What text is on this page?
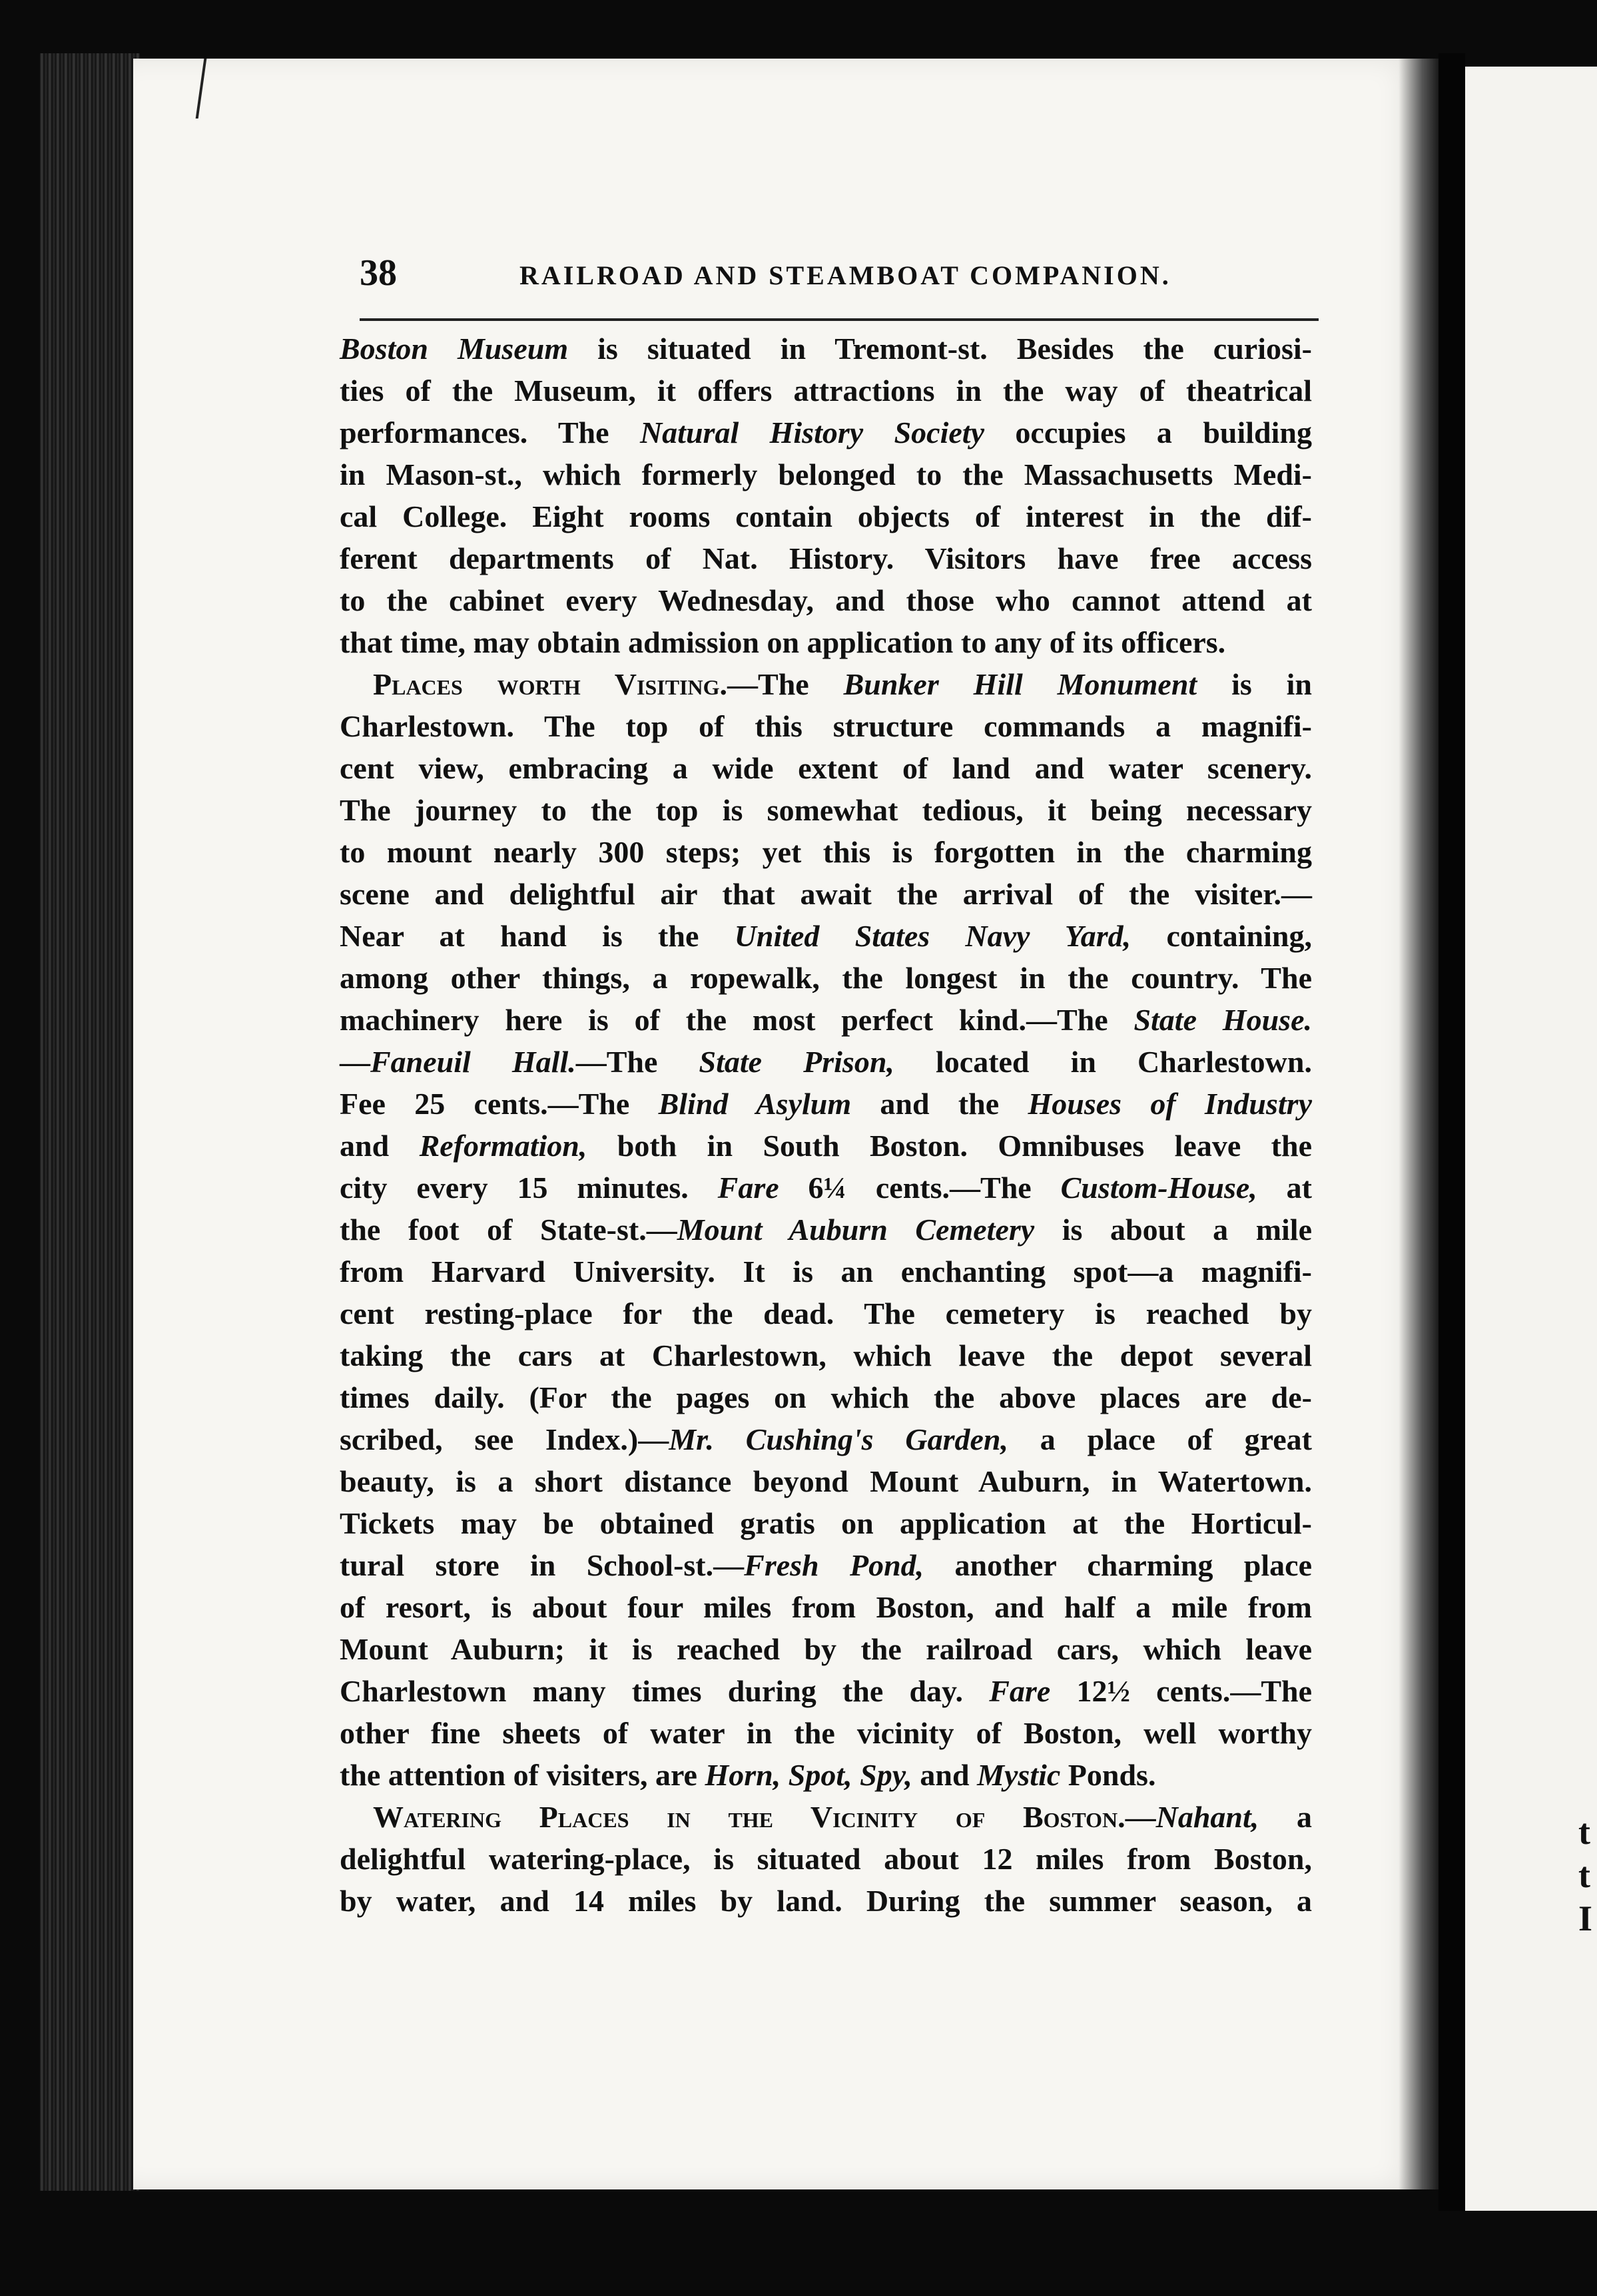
t
t
I
38	RAILROAD AND STEAMBOAT COMPANION.
Boston Museum is situated in Tremont-st. Besides the curiosi-
ties of the Museum, it offers attractions in the way of theatrical
performances. The Natural History Society occupies a building
in Mason-st., which formerly belonged to the Massachusetts Medi-
cal College. Eight rooms contain objects of interest in the dif-
ferent departments of Nat. History. Visitors have free access
to the cabinet every Wednesday, and those who cannot attend at
that time, may obtain admission on application to any of its officers.
Places worth Visiting.—The Bunker Hill Monument is in
Charlestown. The top of this structure commands a magnifi-
cent view, embracing a wide extent of land and water scenery.
The journey to the top is somewhat tedious, it being necessary
to mount nearly 300 steps; yet this is forgotten in the charming
scene and delightful air that await the arrival of the visiter.—
Near at hand is the United States Navy Yard, containing,
among other things, a ropewalk, the longest in the country. The
machinery here is of the most perfect kind.—The State House.
—Faneuil Hall.—The State Prison, located in Charlestown.
Fee 25 cents.—The Blind Asylum and the Houses of Industry
and Reformation, both in South Boston. Omnibuses leave the
city every 15 minutes. Fare 6¼ cents.—The Custom-House, at
the foot of State-st.—Mount Auburn Cemetery is about a mile
from Harvard University. It is an enchanting spot—a magnifi-
cent resting-place for the dead. The cemetery is reached by
taking the cars at Charlestown, which leave the depot several
times daily. (For the pages on which the above places are de-
scribed, see Index.)—Mr. Cushing's Garden, a place of great
beauty, is a short distance beyond Mount Auburn, in Watertown.
Tickets may be obtained gratis on application at the Horticul-
tural store in School-st.—Fresh Pond, another charming place
of resort, is about four miles from Boston, and half a mile from
Mount Auburn; it is reached by the railroad cars, which leave
Charlestown many times during the day. Fare 12½ cents.—The
other fine sheets of water in the vicinity of Boston, well worthy
the attention of visiters, are Horn, Spot, Spy, and Mystic Ponds.
Watering Places in the Vicinity of Boston.—Nahant, a
delightful watering-place, is situated about 12 miles from Boston,
by water, and 14 miles by land. During the summer season, a
